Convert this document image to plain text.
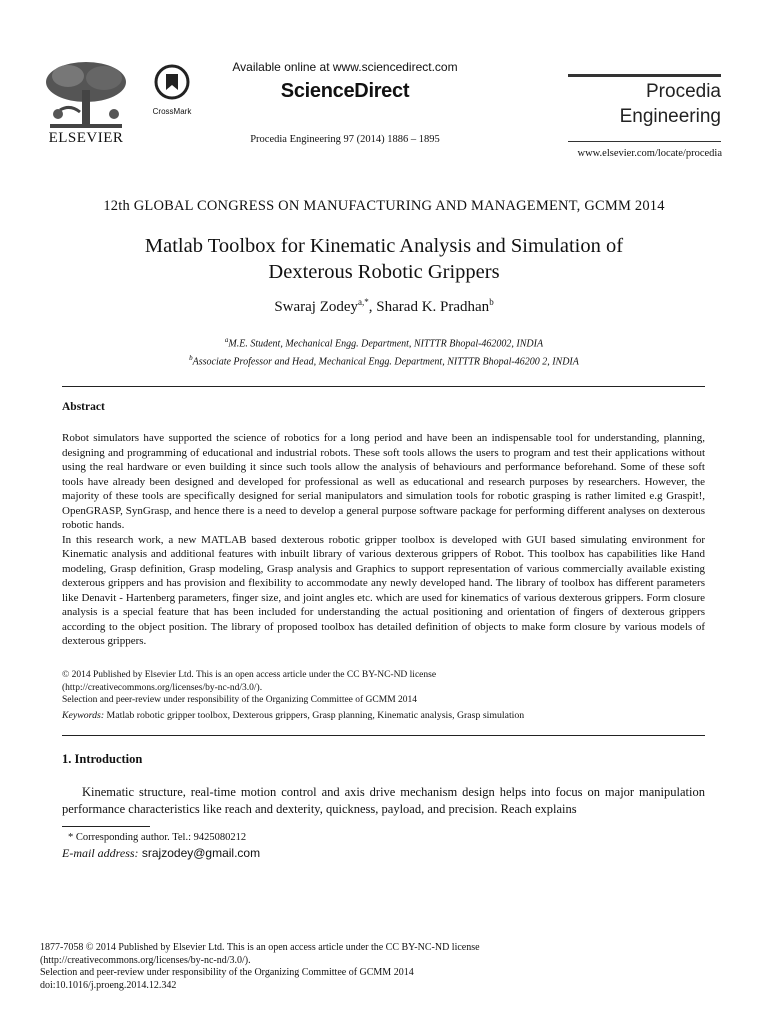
ELSEVIER
CrossMark
Available online at www.sciencedirect.com
ScienceDirect
Procedia Engineering 97 (2014) 1886 – 1895
Procedia
Engineering
www.elsevier.com/locate/procedia
12th GLOBAL CONGRESS ON MANUFACTURING AND MANAGEMENT, GCMM 2014
Matlab Toolbox for Kinematic Analysis and Simulation of
Dexterous Robotic Grippers
Swaraj Zodey$^{a,*}$, Sharad K. Pradhan$^b$
$^a$M.E. Student, Mechanical Engg. Department, NITTTR Bhopal-462002, INDIA
$^b$Associate Professor and Head, Mechanical Engg. Department, NITTTR Bhopal-46200 2, INDIA
Abstract

Robot simulators have supported the science of robotics for a long period and have been an indispensable tool for understanding, planning, designing and programming of educational and industrial robots. These soft tools allows the users to program and test their applications without using the real hardware or even building it since such tools allow the analysis of behaviours and performance beforehand. Some of these soft tools have already been designed and developed for professional as well as educational and research purposes by researchers. However, the majority of these tools are specifically designed for serial manipulators and simulation tools for robotic grasping is rather limited e.g Graspit!, OpenGRASP, SynGrasp, and hence there is a need to develop a general purpose software package for performing different analyses on dexterous robotic hands.

In this research work, a new MATLAB based dexterous robotic gripper toolbox is developed with GUI based simulating environment for Kinematic analysis and additional features with inbuilt library of various dexterous grippers of Robot. This toolbox has capabilities like Hand modeling, Grasp definition, Grasp modeling, Grasp analysis and Graphics to support representation of various commercially available existing dexterous grippers and has provision and flexibility to accommodate any newly developed hand. The library of toolbox has different parameters like Denavit - Hartenberg parameters, finger size, and joint angles etc. which are used for kinematics of various dexterous grippers. Form closure analysis is a special feature that has been included for understanding the actual positioning and orientation of fingers of dexterous grippers according to the object position. The library of proposed toolbox has detailed definition of objects to make form closure by various models of dexterous grippers.

© 2014 Published by Elsevier Ltd. This is an open access article under the CC BY-NC-ND license
(http://creativecommons.org/licenses/by-nc-nd/3.0/).
Selection and peer-review under responsibility of the Organizing Committee of GCMM 2014
Keywords: Matlab robotic gripper toolbox, Dexterous grippers, Grasp planning, Kinematic analysis, Grasp simulation
1. Introduction
Kinematic structure, real-time motion control and axis drive mechanism design helps into focus on major manipulation performance characteristics like reach and dexterity, quickness, payload, and precision. Reach explains
* Corresponding author. Tel.: 9425080212
E-mail address: srajzodey@gmail.com
1877-7058 © 2014 Published by Elsevier Ltd. This is an open access article under the CC BY-NC-ND license
(http://creativecommons.org/licenses/by-nc-nd/3.0/).
Selection and peer-review under responsibility of the Organizing Committee of GCMM 2014
doi:10.1016/j.proeng.2014.12.342
